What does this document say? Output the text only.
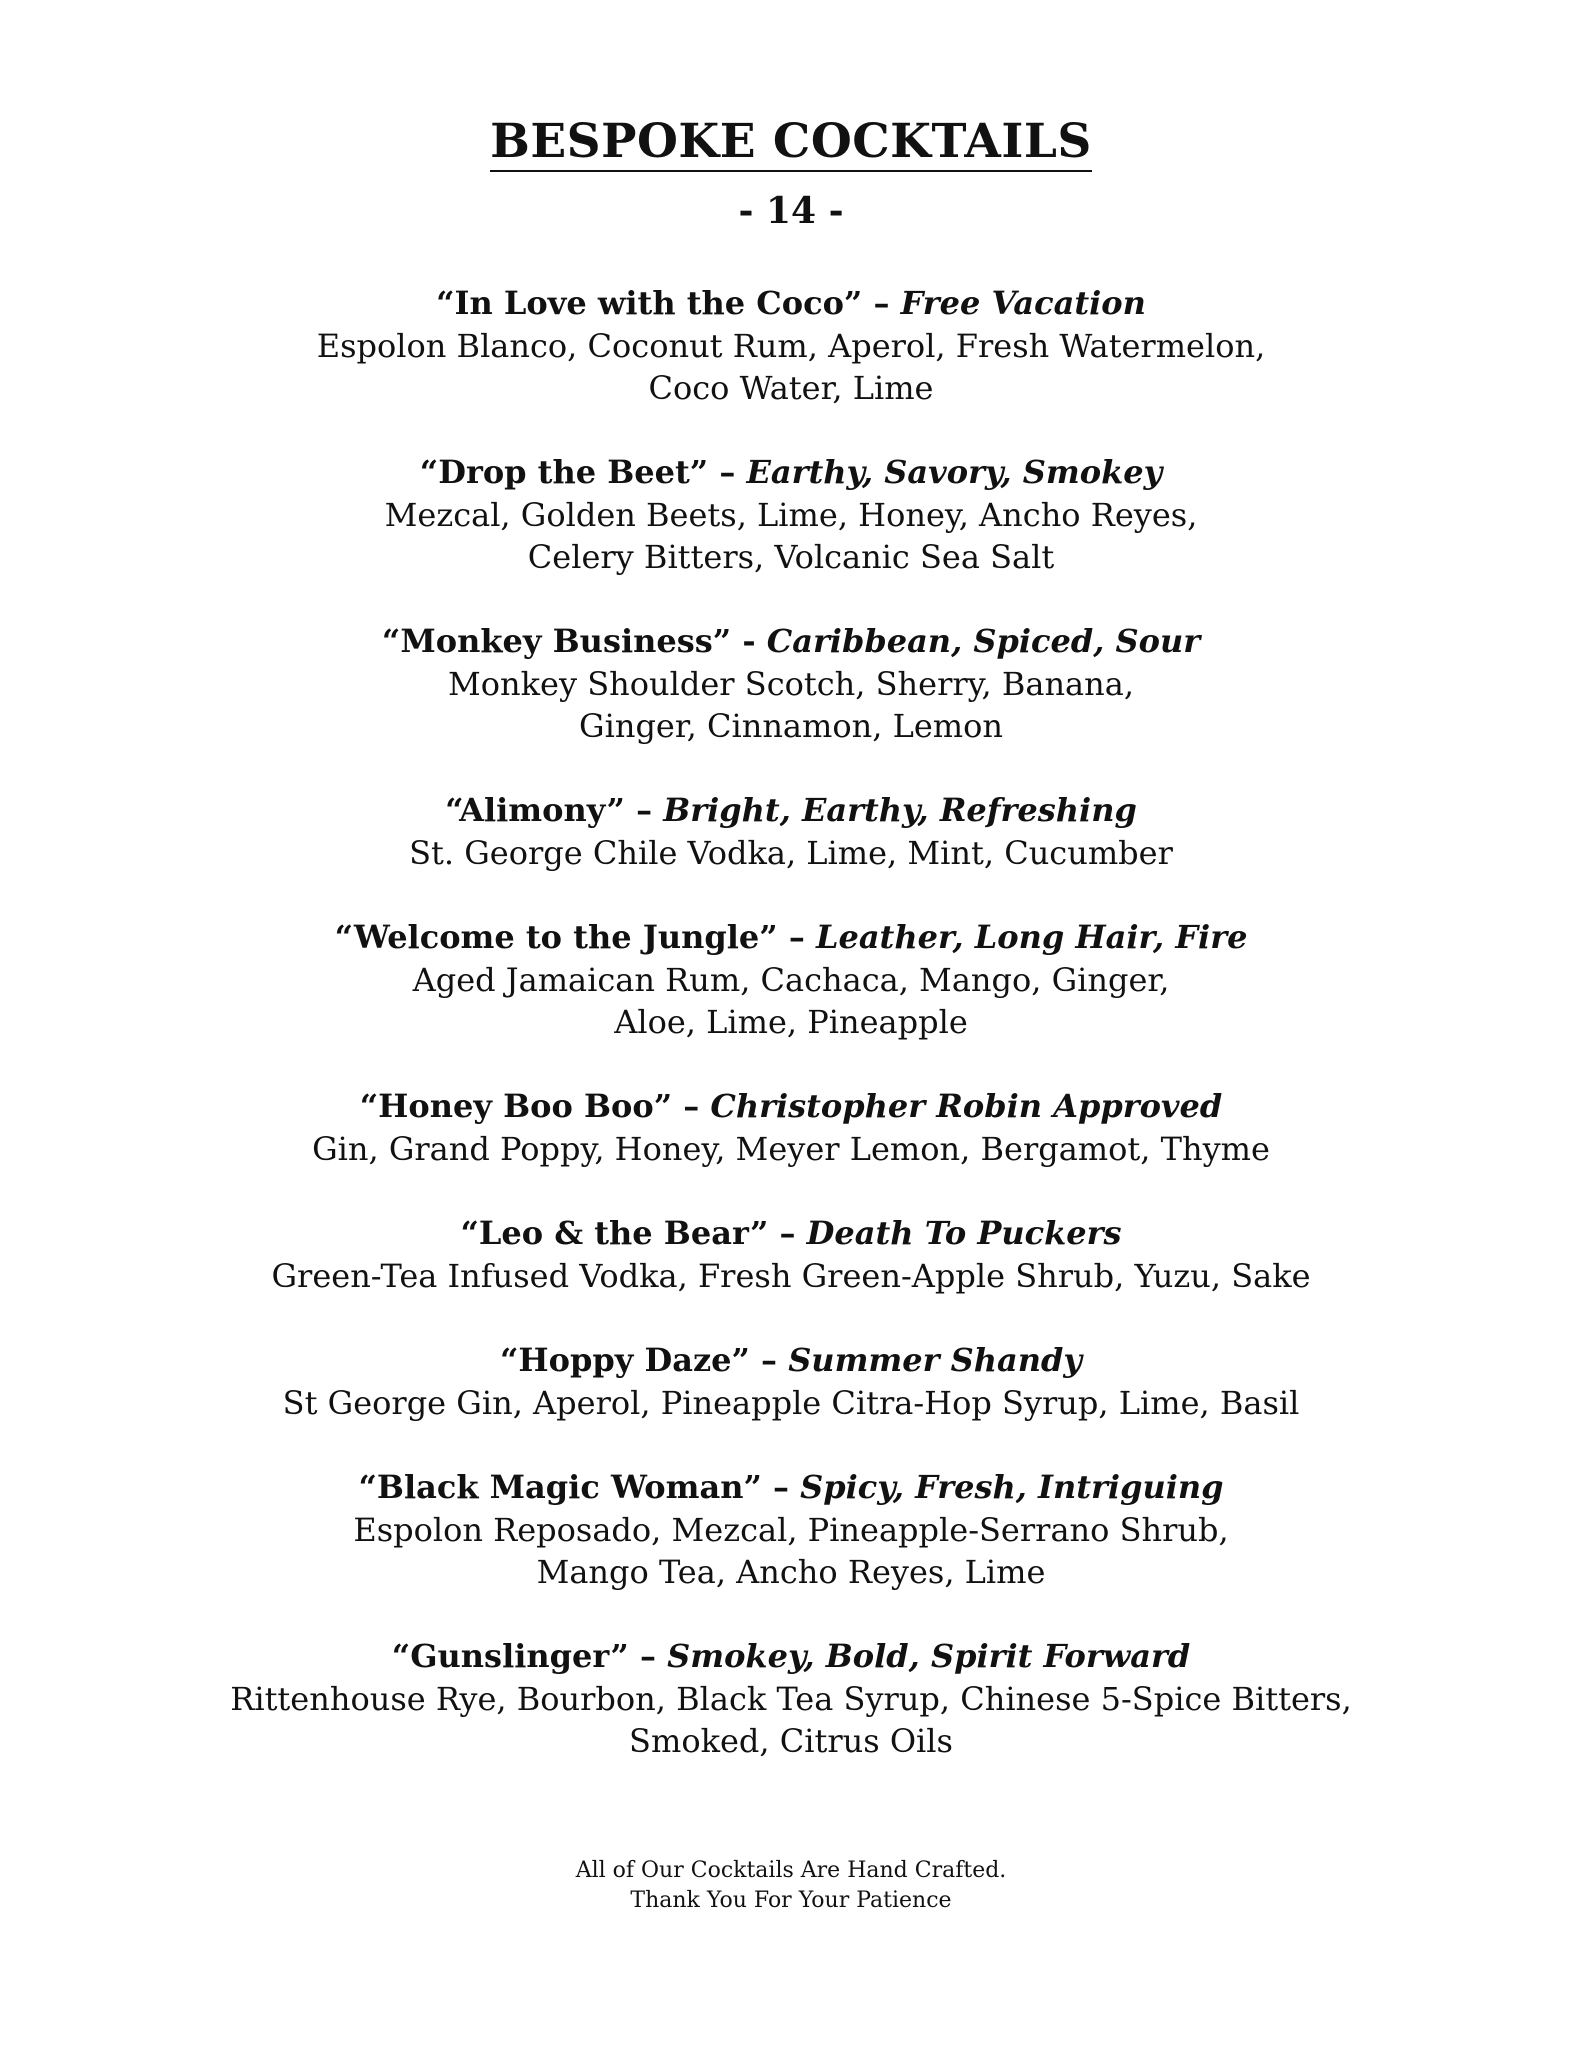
BESPOKE COCKTAILS
- 14 -
“In Love with the Coco” – Free Vacation
Espolon Blanco, Coconut Rum, Aperol, Fresh Watermelon,
Coco Water, Lime
“Drop the Beet” – Earthy, Savory, Smokey
Mezcal, Golden Beets, Lime, Honey, Ancho Reyes,
Celery Bitters, Volcanic Sea Salt
“Monkey Business” - Caribbean, Spiced, Sour
Monkey Shoulder Scotch, Sherry, Banana,
Ginger, Cinnamon, Lemon
“Alimony” – Bright, Earthy, Refreshing
St. George Chile Vodka, Lime, Mint, Cucumber
“Welcome to the Jungle” – Leather, Long Hair, Fire
Aged Jamaican Rum, Cachaca, Mango, Ginger,
Aloe, Lime, Pineapple
“Honey Boo Boo” – Christopher Robin Approved
Gin, Grand Poppy, Honey, Meyer Lemon, Bergamot, Thyme
“Leo & the Bear” – Death To Puckers
Green-Tea Infused Vodka, Fresh Green-Apple Shrub, Yuzu, Sake
“Hoppy Daze” – Summer Shandy
St George Gin, Aperol, Pineapple Citra-Hop Syrup, Lime, Basil
“Black Magic Woman” – Spicy, Fresh, Intriguing
Espolon Reposado, Mezcal, Pineapple-Serrano Shrub,
Mango Tea, Ancho Reyes, Lime
“Gunslinger” – Smokey, Bold, Spirit Forward
Rittenhouse Rye, Bourbon, Black Tea Syrup, Chinese 5-Spice Bitters,
Smoked, Citrus Oils
All of Our Cocktails Are Hand Crafted.
Thank You For Your Patience
